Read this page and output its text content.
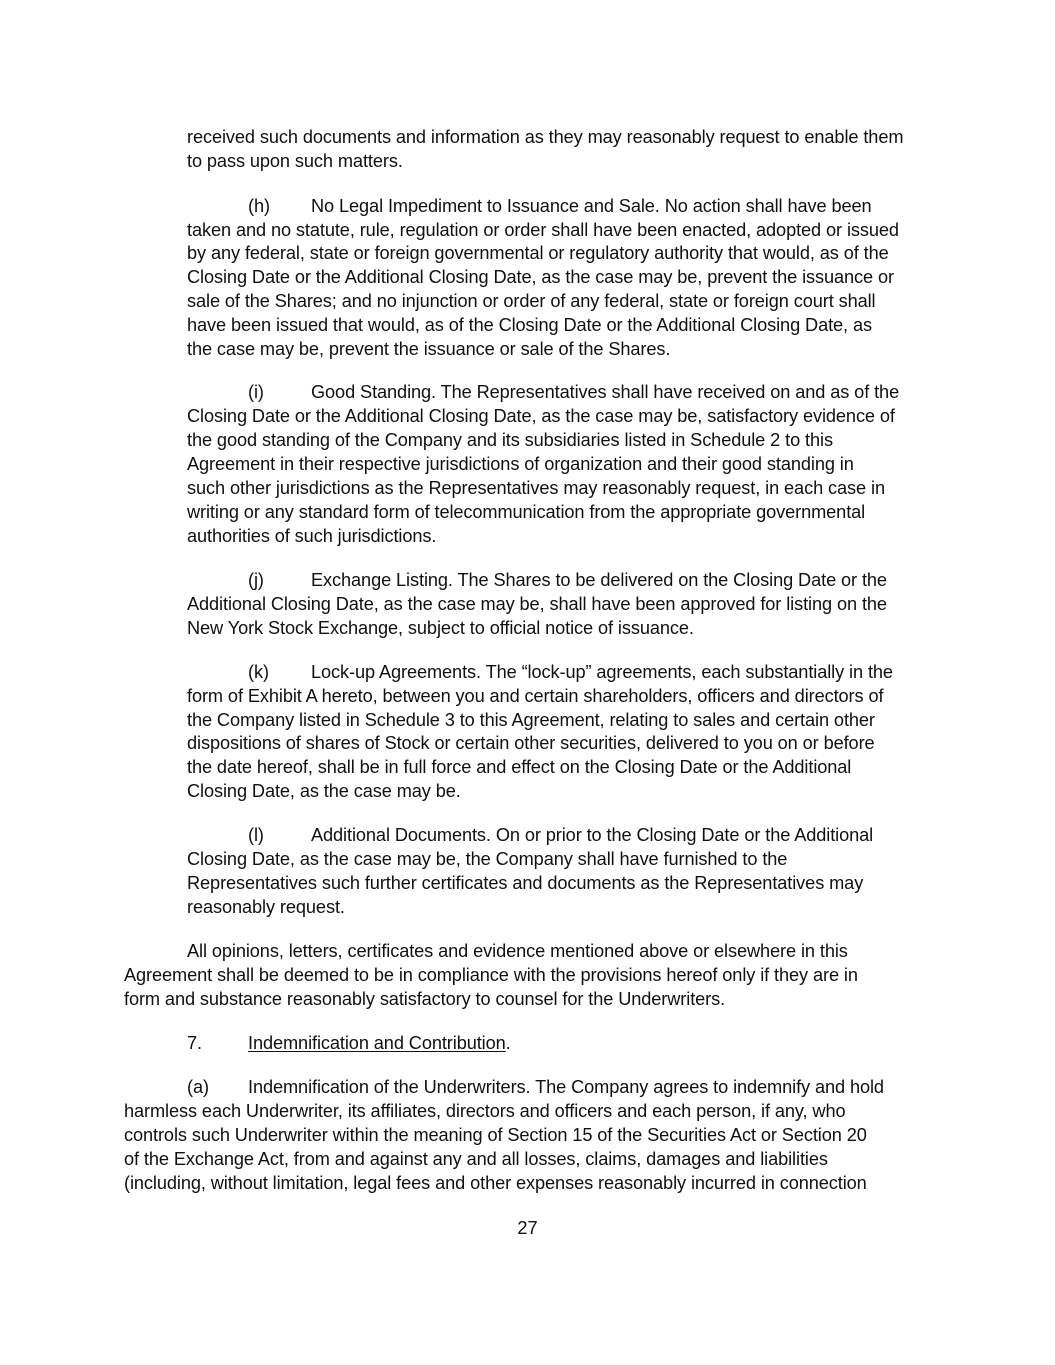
received such documents and information as they may reasonably request to enable them
to pass upon such matters.
(h) No Legal Impediment to Issuance and Sale. No action shall have been
taken and no statute, rule, regulation or order shall have been enacted, adopted or issued
by any federal, state or foreign governmental or regulatory authority that would, as of the
Closing Date or the Additional Closing Date, as the case may be, prevent the issuance or
sale of the Shares; and no injunction or order of any federal, state or foreign court shall
have been issued that would, as of the Closing Date or the Additional Closing Date, as
the case may be, prevent the issuance or sale of the Shares.
(i)	Good Standing. The Representatives shall have received on and as of the
Closing Date or the Additional Closing Date, as the case may be, satisfactory evidence of
the good standing of the Company and its subsidiaries listed in Schedule 2 to this
Agreement in their respective jurisdictions of organization and their good standing in
such other jurisdictions as the Representatives may reasonably request, in each case in
writing or any standard form of telecommunication from the appropriate governmental
authorities of such jurisdictions.
(j)	Exchange Listing. The Shares to be delivered on the Closing Date or the
Additional Closing Date, as the case may be, shall have been approved for listing on the
New York Stock Exchange, subject to official notice of issuance.
(k) Lock-up Agreements. The “lock-up” agreements, each substantially in the
form of Exhibit A hereto, between you and certain shareholders, officers and directors of
the Company listed in Schedule 3 to this Agreement, relating to sales and certain other
dispositions of shares of Stock or certain other securities, delivered to you on or before
the date hereof, shall be in full force and effect on the Closing Date or the Additional
Closing Date, as the case may be.
(l)	Additional Documents. On or prior to the Closing Date or the Additional
Closing Date, as the case may be, the Company shall have furnished to the
Representatives such further certificates and documents as the Representatives may
reasonably request.
All opinions, letters, certificates and evidence mentioned above or elsewhere in this
Agreement shall be deemed to be in compliance with the provisions hereof only if they are in
form and substance reasonably satisfactory to counsel for the Underwriters.
7.	Indemnification and Contribution.
(a) Indemnification of the Underwriters. The Company agrees to indemnify and hold
harmless each Underwriter, its affiliates, directors and officers and each person, if any, who
controls such Underwriter within the meaning of Section 15 of the Securities Act or Section 20
of the Exchange Act, from and against any and all losses, claims, damages and liabilities
(including, without limitation, legal fees and other expenses reasonably incurred in connection
27
